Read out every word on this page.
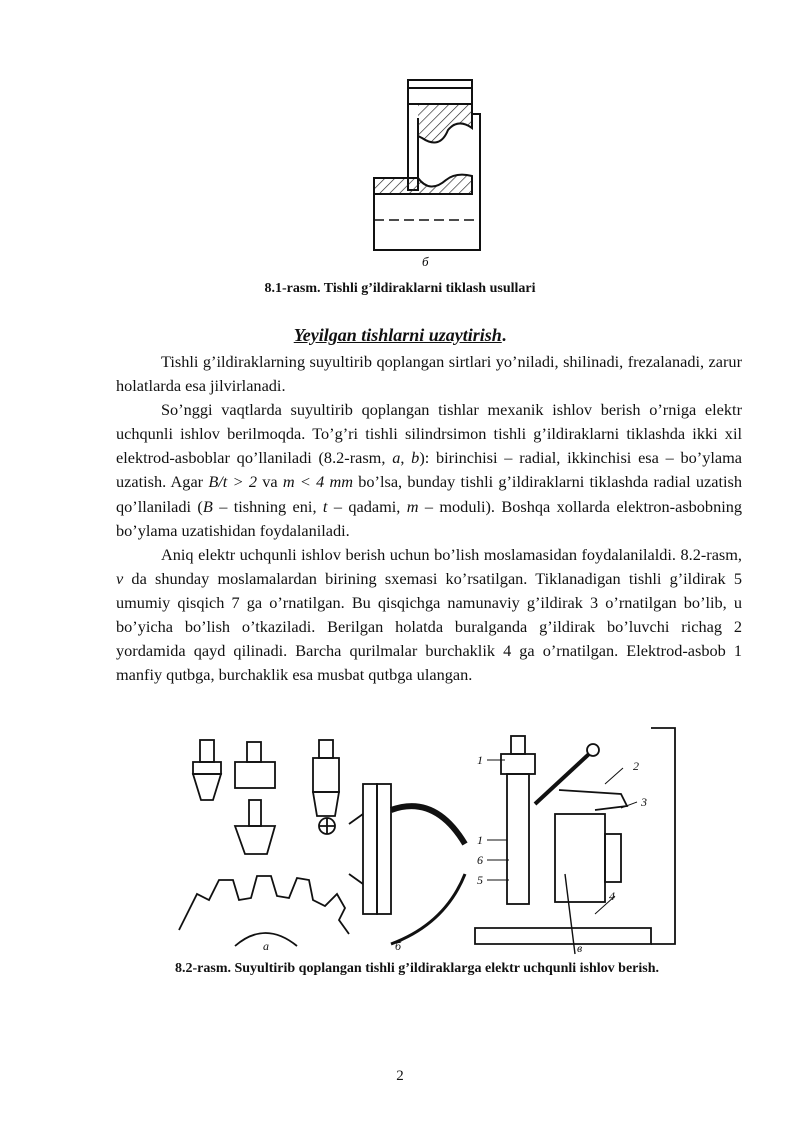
б
8.1-rasm. Tishli g’ildiraklarni tiklash usullari
Yeyilgan tishlarni uzaytirish.

Tishli g’ildiraklarning suyultirib qoplangan sirtlari yo’niladi, shilinadi, frezalanadi, zarur holatlarda esa jilvirlanadi.

So’nggi vaqtlarda suyultirib qoplangan tishlar mexanik ishlov berish o’rniga elektr uchqunli ishlov berilmoqda. To’g’ri tishli silindrsimon tishli g’ildiraklarni tiklashda ikki xil elektrod-asboblar qo’llaniladi (8.2-rasm, a, b): birinchisi – radial, ikkinchisi esa – bo’ylama uzatish. Agar B/t > 2 va m < 4 mm bo’lsa, bunday tishli g’ildiraklarni tiklashda radial uzatish qo’llaniladi (B – tishning eni, t – qadami, m – moduli). Boshqa xollarda elektron-asbobning bo’ylama uzatishidan foydalaniladi.

Aniq elektr uchqunli ishlov berish uchun bo’lish moslamasidan foydalanilaldi. 8.2-rasm, v da shunday moslamalardan birining sxemasi ko’rsatilgan. Tiklanadigan tishli g’ildirak 5 umumiy qisqich 7 ga o’rnatilgan. Bu qisqichga namunaviy g’ildirak 3 o’rnatilgan bo’lib, u bo’yicha bo’lish o’tkaziladi. Berilgan holatda buralganda g’ildirak bo’luvchi richag 2 yordamida qayd qilinadi. Barcha qurilmalar burchaklik 4 ga o’rnatilgan. Elektrod-asbob 1 manfiy qutbga, burchaklik esa musbat qutbga ulangan.

а	б	в
1	2
3
1
6
5
4
8.2-rasm. Suyultirib qoplangan tishli g’ildiraklarga elektr uchqunli ishlov berish.
2
